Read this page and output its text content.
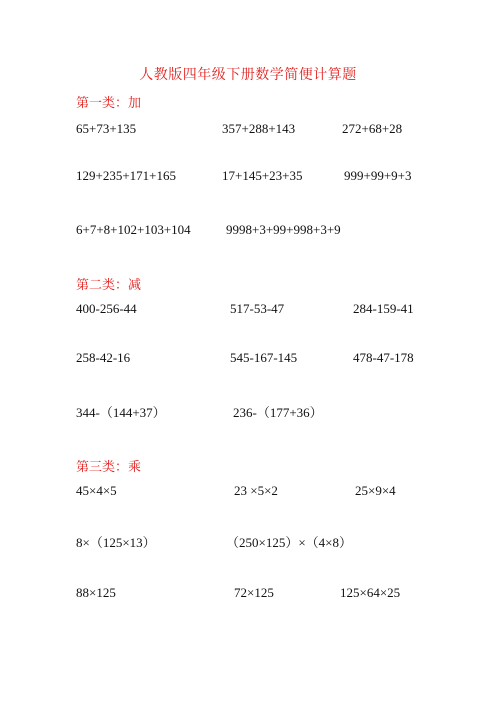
人教版四年级下册数学简便计算题
第一类：加
65+73+135	357+288+143	272+68+28
129+235+171+165	17+145+23+35	999+99+9+3
6+7+8+102+103+104	9998+3+99+998+3+9
第二类：减
400-256-44	517-53-47	284-159-41
258-42-16	545-167-145	478-47-178
344-（144+37）	236-（177+36）
第三类：乘
45×4×5	23 ×5×2	25×9×4
8×（125×13）	（250×125）×（4×8）
88×125	72×125	125×64×25
